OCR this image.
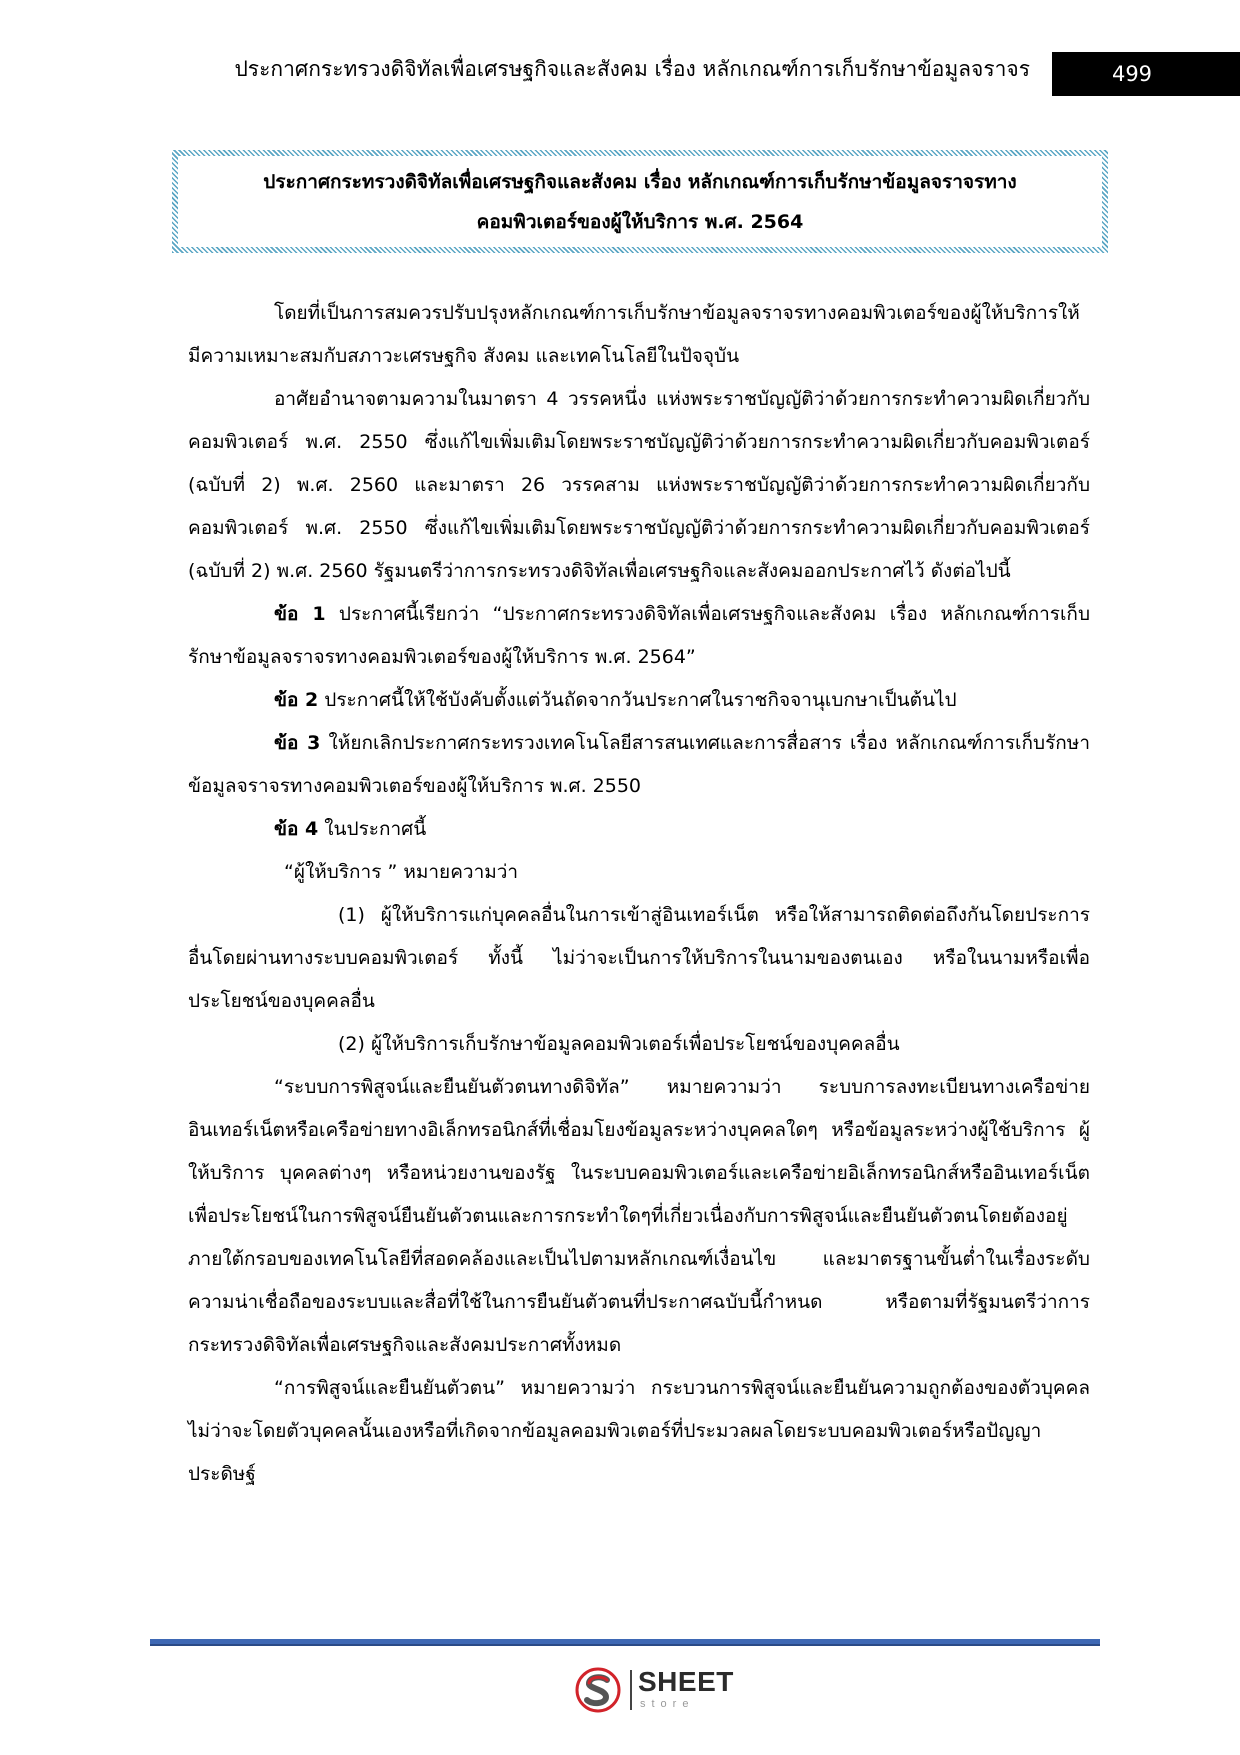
ประกาศกระทรวงดิจิทัลเพื่อเศรษฐกิจและสังคม เรื่อง หลักเกณฑ์การเก็บรักษาข้อมูลจราจร	499
ประกาศกระทรวงดิจิทัลเพื่อเศรษฐกิจและสังคม เรื่อง หลักเกณฑ์การเก็บรักษาข้อมูลจราจรทาง
คอมพิวเตอร์ของผู้ให้บริการ พ.ศ. 2564

โดยที่เป็นการสมควรปรับปรุงหลักเกณฑ์การเก็บรักษาข้อมูลจราจรทางคอมพิวเตอร์ของผู้ให้บริการให้มีความเหมาะสมกับสภาวะเศรษฐกิจ สังคม และเทคโนโลยีในปัจจุบัน

อาศัยอำนาจตามความในมาตรา 4 วรรคหนึ่ง แห่งพระราชบัญญัติว่าด้วยการกระทำความผิดเกี่ยวกับคอมพิวเตอร์ พ.ศ. 2550 ซึ่งแก้ไขเพิ่มเติมโดยพระราชบัญญัติว่าด้วยการกระทำความผิดเกี่ยวกับคอมพิวเตอร์ (ฉบับที่ 2) พ.ศ. 2560 และมาตรา 26 วรรคสาม แห่งพระราชบัญญัติว่าด้วยการกระทำความผิดเกี่ยวกับคอมพิวเตอร์ พ.ศ. 2550 ซึ่งแก้ไขเพิ่มเติมโดยพระราชบัญญัติว่าด้วยการกระทำความผิดเกี่ยวกับคอมพิวเตอร์ (ฉบับที่ 2) พ.ศ. 2560 รัฐมนตรีว่าการกระทรวงดิจิทัลเพื่อเศรษฐกิจและสังคมออกประกาศไว้ ดังต่อไปนี้

ข้อ 1 ประกาศนี้เรียกว่า “ประกาศกระทรวงดิจิทัลเพื่อเศรษฐกิจและสังคม เรื่อง หลักเกณฑ์การเก็บรักษาข้อมูลจราจรทางคอมพิวเตอร์ของผู้ให้บริการ พ.ศ. 2564”

ข้อ 2 ประกาศนี้ให้ใช้บังคับตั้งแต่วันถัดจากวันประกาศในราชกิจจานุเบกษาเป็นต้นไป

ข้อ 3 ให้ยกเลิกประกาศกระทรวงเทคโนโลยีสารสนเทศและการสื่อสาร เรื่อง หลักเกณฑ์การเก็บรักษาข้อมูลจราจรทางคอมพิวเตอร์ของผู้ให้บริการ พ.ศ. 2550

ข้อ 4 ในประกาศนี้

“ผู้ให้บริการ ” หมายความว่า

(1) ผู้ให้บริการแก่บุคคลอื่นในการเข้าสู่อินเทอร์เน็ต หรือให้สามารถติดต่อถึงกันโดยประการอื่นโดยผ่านทางระบบคอมพิวเตอร์ ทั้งนี้ ไม่ว่าจะเป็นการให้บริการในนามของตนเอง หรือในนามหรือเพื่อประโยชน์ของบุคคลอื่น

(2) ผู้ให้บริการเก็บรักษาข้อมูลคอมพิวเตอร์เพื่อประโยชน์ของบุคคลอื่น

“ระบบการพิสูจน์และยืนยันตัวตนทางดิจิทัล” หมายความว่า ระบบการลงทะเบียนทางเครือข่ายอินเทอร์เน็ตหรือเครือข่ายทางอิเล็กทรอนิกส์ที่เชื่อมโยงข้อมูลระหว่างบุคคลใดๆ หรือข้อมูลระหว่างผู้ใช้บริการ ผู้ให้บริการ บุคคลต่างๆ หรือหน่วยงานของรัฐ ในระบบคอมพิวเตอร์และเครือข่ายอิเล็กทรอนิกส์หรืออินเทอร์เน็ต เพื่อประโยชน์ในการพิสูจน์ยืนยันตัวตนและการกระทำใดๆที่เกี่ยวเนื่องกับการพิสูจน์และยืนยันตัวตนโดยต้องอยู่ภายใต้กรอบของเทคโนโลยีที่สอดคล้องและเป็นไปตามหลักเกณฑ์เงื่อนไข และมาตรฐานขั้นต่ำในเรื่องระดับความน่าเชื่อถือของระบบและสื่อที่ใช้ในการยืนยันตัวตนที่ประกาศฉบับนี้กำหนด หรือตามที่รัฐมนตรีว่าการกระทรวงดิจิทัลเพื่อเศรษฐกิจและสังคมประกาศทั้งหมด

“การพิสูจน์และยืนยันตัวตน” หมายความว่า กระบวนการพิสูจน์และยืนยันความถูกต้องของตัวบุคคลไม่ว่าจะโดยตัวบุคคลนั้นเองหรือที่เกิดจากข้อมูลคอมพิวเตอร์ที่ประมวลผลโดยระบบคอมพิวเตอร์หรือปัญญาประดิษฐ์

SHEET
store
